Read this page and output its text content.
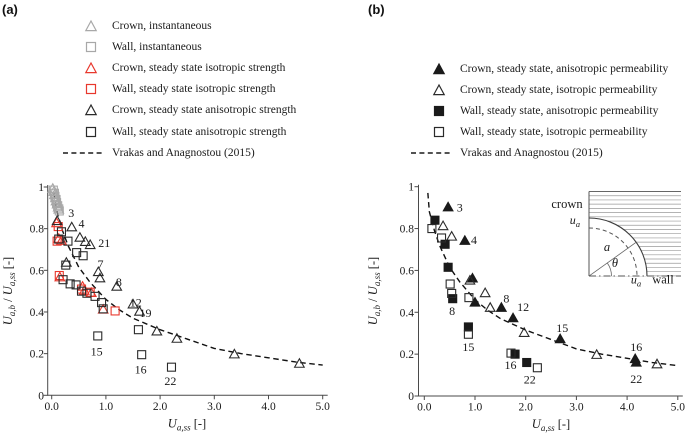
(a)	(b)
0.0	1.0	2.0	3.0	4.0	5.0
1
0.8
0.6
0.4
0.2
0
$U_{a,ss}$ [-]
$U_{a,b} / U_{a,ss}$ [-]
3
4
21
7
8
12
19
15
16
22
0.0	1.0	2.0	3.0	4.0	5.0
1
0.8
0.6
0.4
0.2
0
$U_{a,ss}$ [-]
$U_{a,b} / U_{a,ss}$ [-]
3
4
8
8
12
15
15
16
16
22	22
crown
wall
$u_a$
$u_a$
a
θ
Crown, instantaneous
Wall, instantaneous
Crown, steady state isotropic strength
Wall, steady state isotropic strength
Crown, steady state anisotropic strength
Wall, steady state anisotropic strength
Vrakas and Anagnostou (2015)
Crown, steady state, anisotropic permeability
Crown, steady state, isotropic permeability
Wall, steady state, anisotropic permeability
Wall, steady state, isotropic permeability
Vrakas and Anagnostou (2015)
